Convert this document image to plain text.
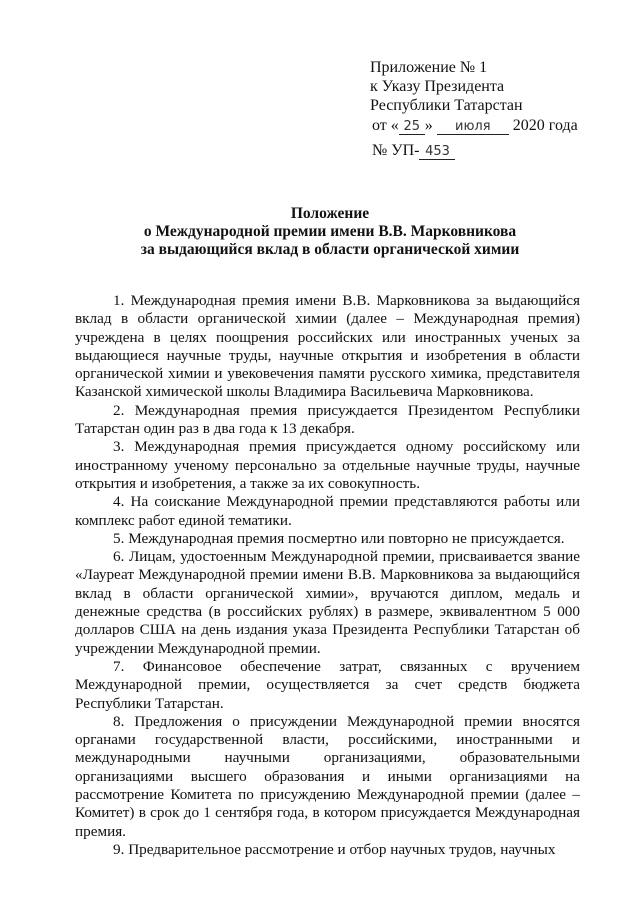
Приложение № 1
к Указу Президента
Республики Татарстан
от « 25 » июля 2020 года
№ УП- 453
Положение
о Международной премии имени В.В. Марковникова
за выдающийся вклад в области органической химии

1. Международная премия имени В.В. Марковникова за выдающийся вклад в области органической химии (далее – Международная премия) учреждена в целях поощрения российских или иностранных ученых за выдающиеся научные труды, научные открытия и изобретения в области органической химии и увековечения памяти русского химика, представителя Казанской химической школы Владимира Васильевича Марковникова.

2. Международная премия присуждается Президентом Республики Татарстан один раз в два года к 13 декабря.

3. Международная премия присуждается одному российскому или иностранному ученому персонально за отдельные научные труды, научные открытия и изобретения, а также за их совокупность.

4. На соискание Международной премии представляются работы или комплекс работ единой тематики.

5. Международная премия посмертно или повторно не присуждается.

6. Лицам, удостоенным Международной премии, присваивается звание «Лауреат Международной премии имени В.В. Марковникова за выдающийся вклад в области органической химии», вручаются диплом, медаль и денежные средства (в российских рублях) в размере, эквивалентном 5 000 долларов США на день издания указа Президента Республики Татарстан об учреждении Международной премии.

7. Финансовое обеспечение затрат, связанных с вручением Международной премии, осуществляется за счет средств бюджета Республики Татарстан.

8. Предложения о присуждении Международной премии вносятся органами государственной власти, российскими, иностранными и международными научными организациями, образовательными организациями высшего образования и иными организациями на рассмотрение Комитета по присуждению Международной премии (далее – Комитет) в срок до 1 сентября года, в котором присуждается Международная премия.

9. Предварительное рассмотрение и отбор научных трудов, научных
